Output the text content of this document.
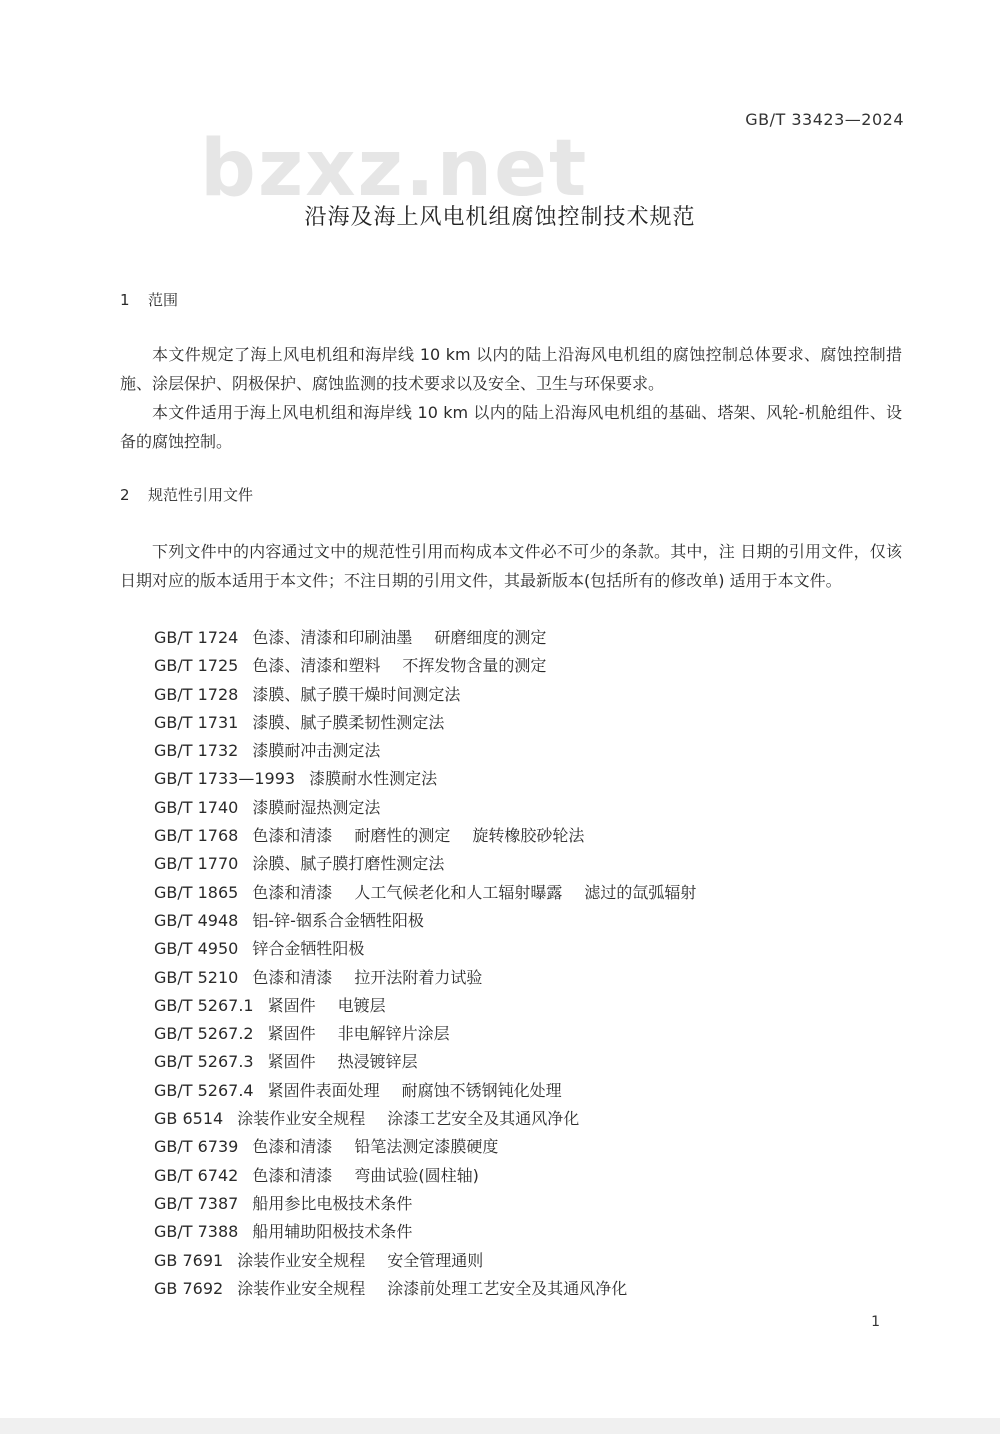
GB/T 33423—2024
bzxz.net
沿海及海上风电机组腐蚀控制技术规范
1 范围
本文件规定了海上风电机组和海岸线 10 km 以内的陆上沿海风电机组的腐蚀控制总体要求、腐蚀控制措施、涂层保护、阴极保护、腐蚀监测的技术要求以及安全、卫生与环保要求。
本文件适用于海上风电机组和海岸线 10 km 以内的陆上沿海风电机组的基础、塔架、风轮-机舱组件、设备的腐蚀控制。
2 规范性引用文件
下列文件中的内容通过文中的规范性引用而构成本文件必不可少的条款。其中，注 日期的引用文件，仅该日期对应的版本适用于本文件；不注日期的引用文件，其最新版本(包括所有的修改单) 适用于本文件。
GB/T 1724 色漆、清漆和印刷油墨 研磨细度的测定
GB/T 1725 色漆、清漆和塑料 不挥发物含量的测定
GB/T 1728 漆膜、腻子膜干燥时间测定法
GB/T 1731 漆膜、腻子膜柔韧性测定法
GB/T 1732 漆膜耐冲击测定法
GB/T 1733—1993 漆膜耐水性测定法
GB/T 1740 漆膜耐湿热测定法
GB/T 1768 色漆和清漆 耐磨性的测定 旋转橡胶砂轮法
GB/T 1770 涂膜、腻子膜打磨性测定法
GB/T 1865 色漆和清漆 人工气候老化和人工辐射曝露 滤过的氙弧辐射
GB/T 4948 铝-锌-铟系合金牺牲阳极
GB/T 4950 锌合金牺牲阳极
GB/T 5210 色漆和清漆 拉开法附着力试验
GB/T 5267.1 紧固件 电镀层
GB/T 5267.2 紧固件 非电解锌片涂层
GB/T 5267.3 紧固件 热浸镀锌层
GB/T 5267.4 紧固件表面处理 耐腐蚀不锈钢钝化处理
GB 6514 涂装作业安全规程 涂漆工艺安全及其通风净化
GB/T 6739 色漆和清漆 铅笔法测定漆膜硬度
GB/T 6742 色漆和清漆 弯曲试验(圆柱轴)
GB/T 7387 船用参比电极技术条件
GB/T 7388 船用辅助阳极技术条件
GB 7691 涂装作业安全规程 安全管理通则
GB 7692 涂装作业安全规程 涂漆前处理工艺安全及其通风净化
1
